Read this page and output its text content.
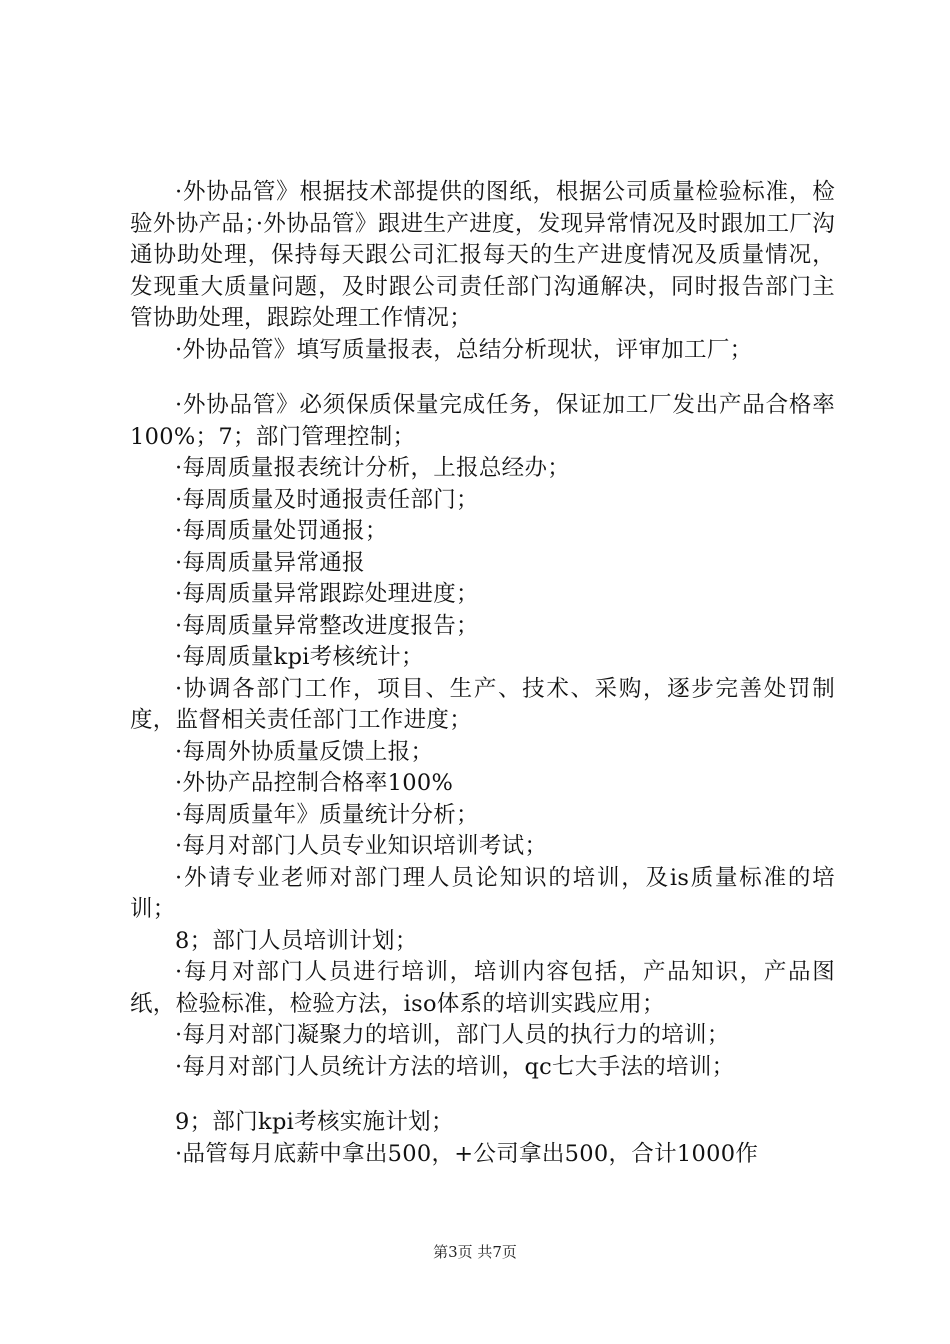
·外协品管》根据技术部提供的图纸，根据公司质量检验标准，检验外协产品；·外协品管》跟进生产进度，发现异常情况及时跟加工厂沟通协助处理，保持每天跟公司汇报每天的生产进度情况及质量情况，发现重大质量问题，及时跟公司责任部门沟通解决，同时报告部门主管协助处理，跟踪处理工作情况；

·外协品管》填写质量报表，总结分析现状，评审加工厂；

·外协品管》必须保质保量完成任务，保证加工厂发出产品合格率100%；7；部门管理控制；

·每周质量报表统计分析，上报总经办；

·每周质量及时通报责任部门；

·每周质量处罚通报；

·每周质量异常通报

·每周质量异常跟踪处理进度；

·每周质量异常整改进度报告；

·每周质量kpi考核统计；

·协调各部门工作，项目、生产、技术、采购，逐步完善处罚制度，监督相关责任部门工作进度；

·每周外协质量反馈上报；

·外协产品控制合格率100%

·每周质量年》质量统计分析；

·每月对部门人员专业知识培训考试；

·外请专业老师对部门理人员论知识的培训，及is质量标准的培训；

8；部门人员培训计划；

·每月对部门人员进行培训，培训内容包括，产品知识，产品图纸，检验标准，检验方法，iso体系的培训实践应用；

·每月对部门凝聚力的培训，部门人员的执行力的培训；

·每月对部门人员统计方法的培训，qc七大手法的培训；

9；部门kpi考核实施计划；

·品管每月底薪中拿出500，+公司拿出500，合计1000作

第3页 共7页
